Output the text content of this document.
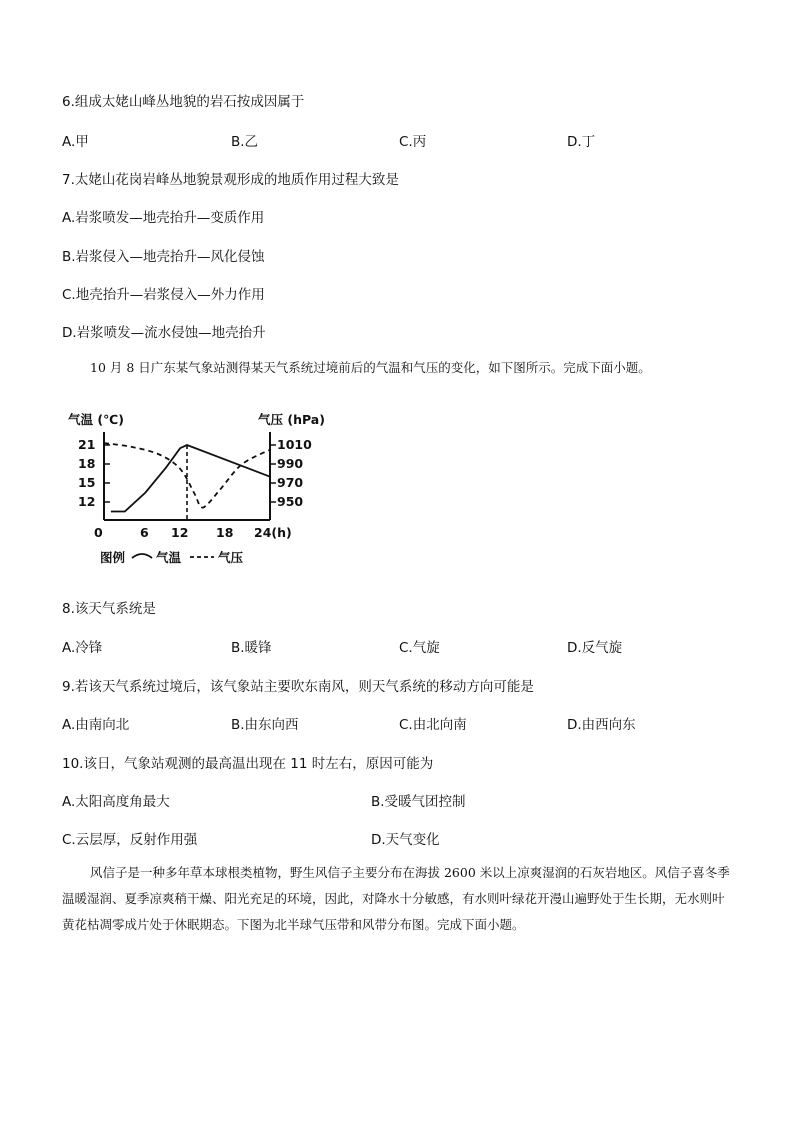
6.组成太姥山峰丛地貌的岩石按成因属于
A.甲	B.乙	C.丙	D.丁
7.太姥山花岗岩峰丛地貌景观形成的地质作用过程大致是
A.岩浆喷发—地壳抬升—变质作用
B.岩浆侵入—地壳抬升—风化侵蚀
C.地壳抬升—岩浆侵入—外力作用
D.岩浆喷发—流水侵蚀—地壳抬升

10 月 8 日广东某气象站测得某天气系统过境前后的气温和气压的变化，如下图所示。完成下面小题。

气温 (℃)	气压 (hPa)
21
18
15
12
1010
990
970
950
0	6 12 18 24(h)
图例 气温	气压
8.该天气系统是
A.冷锋	B.暖锋	C.气旋	D.反气旋
9.若该天气系统过境后，该气象站主要吹东南风，则天气系统的移动方向可能是
A.由南向北	B.由东向西	C.由北向南	D.由西向东
10.该日，气象站观测的最高温出现在 11 时左右，原因可能为
A.太阳高度角最大	B.受暖气团控制
C.云层厚，反射作用强	D.天气变化

风信子是一种多年草本球根类植物，野生风信子主要分布在海拔 2600 米以上凉爽湿润的石灰岩地区。风信子喜冬季温暖湿润、夏季凉爽稍干燥、阳光充足的环境，因此，对降水十分敏感，有水则叶绿花开漫山遍野处于生长期，无水则叶黄花枯凋零成片处于休眠期态。下图为北半球气压带和风带分布图。完成下面小题。
